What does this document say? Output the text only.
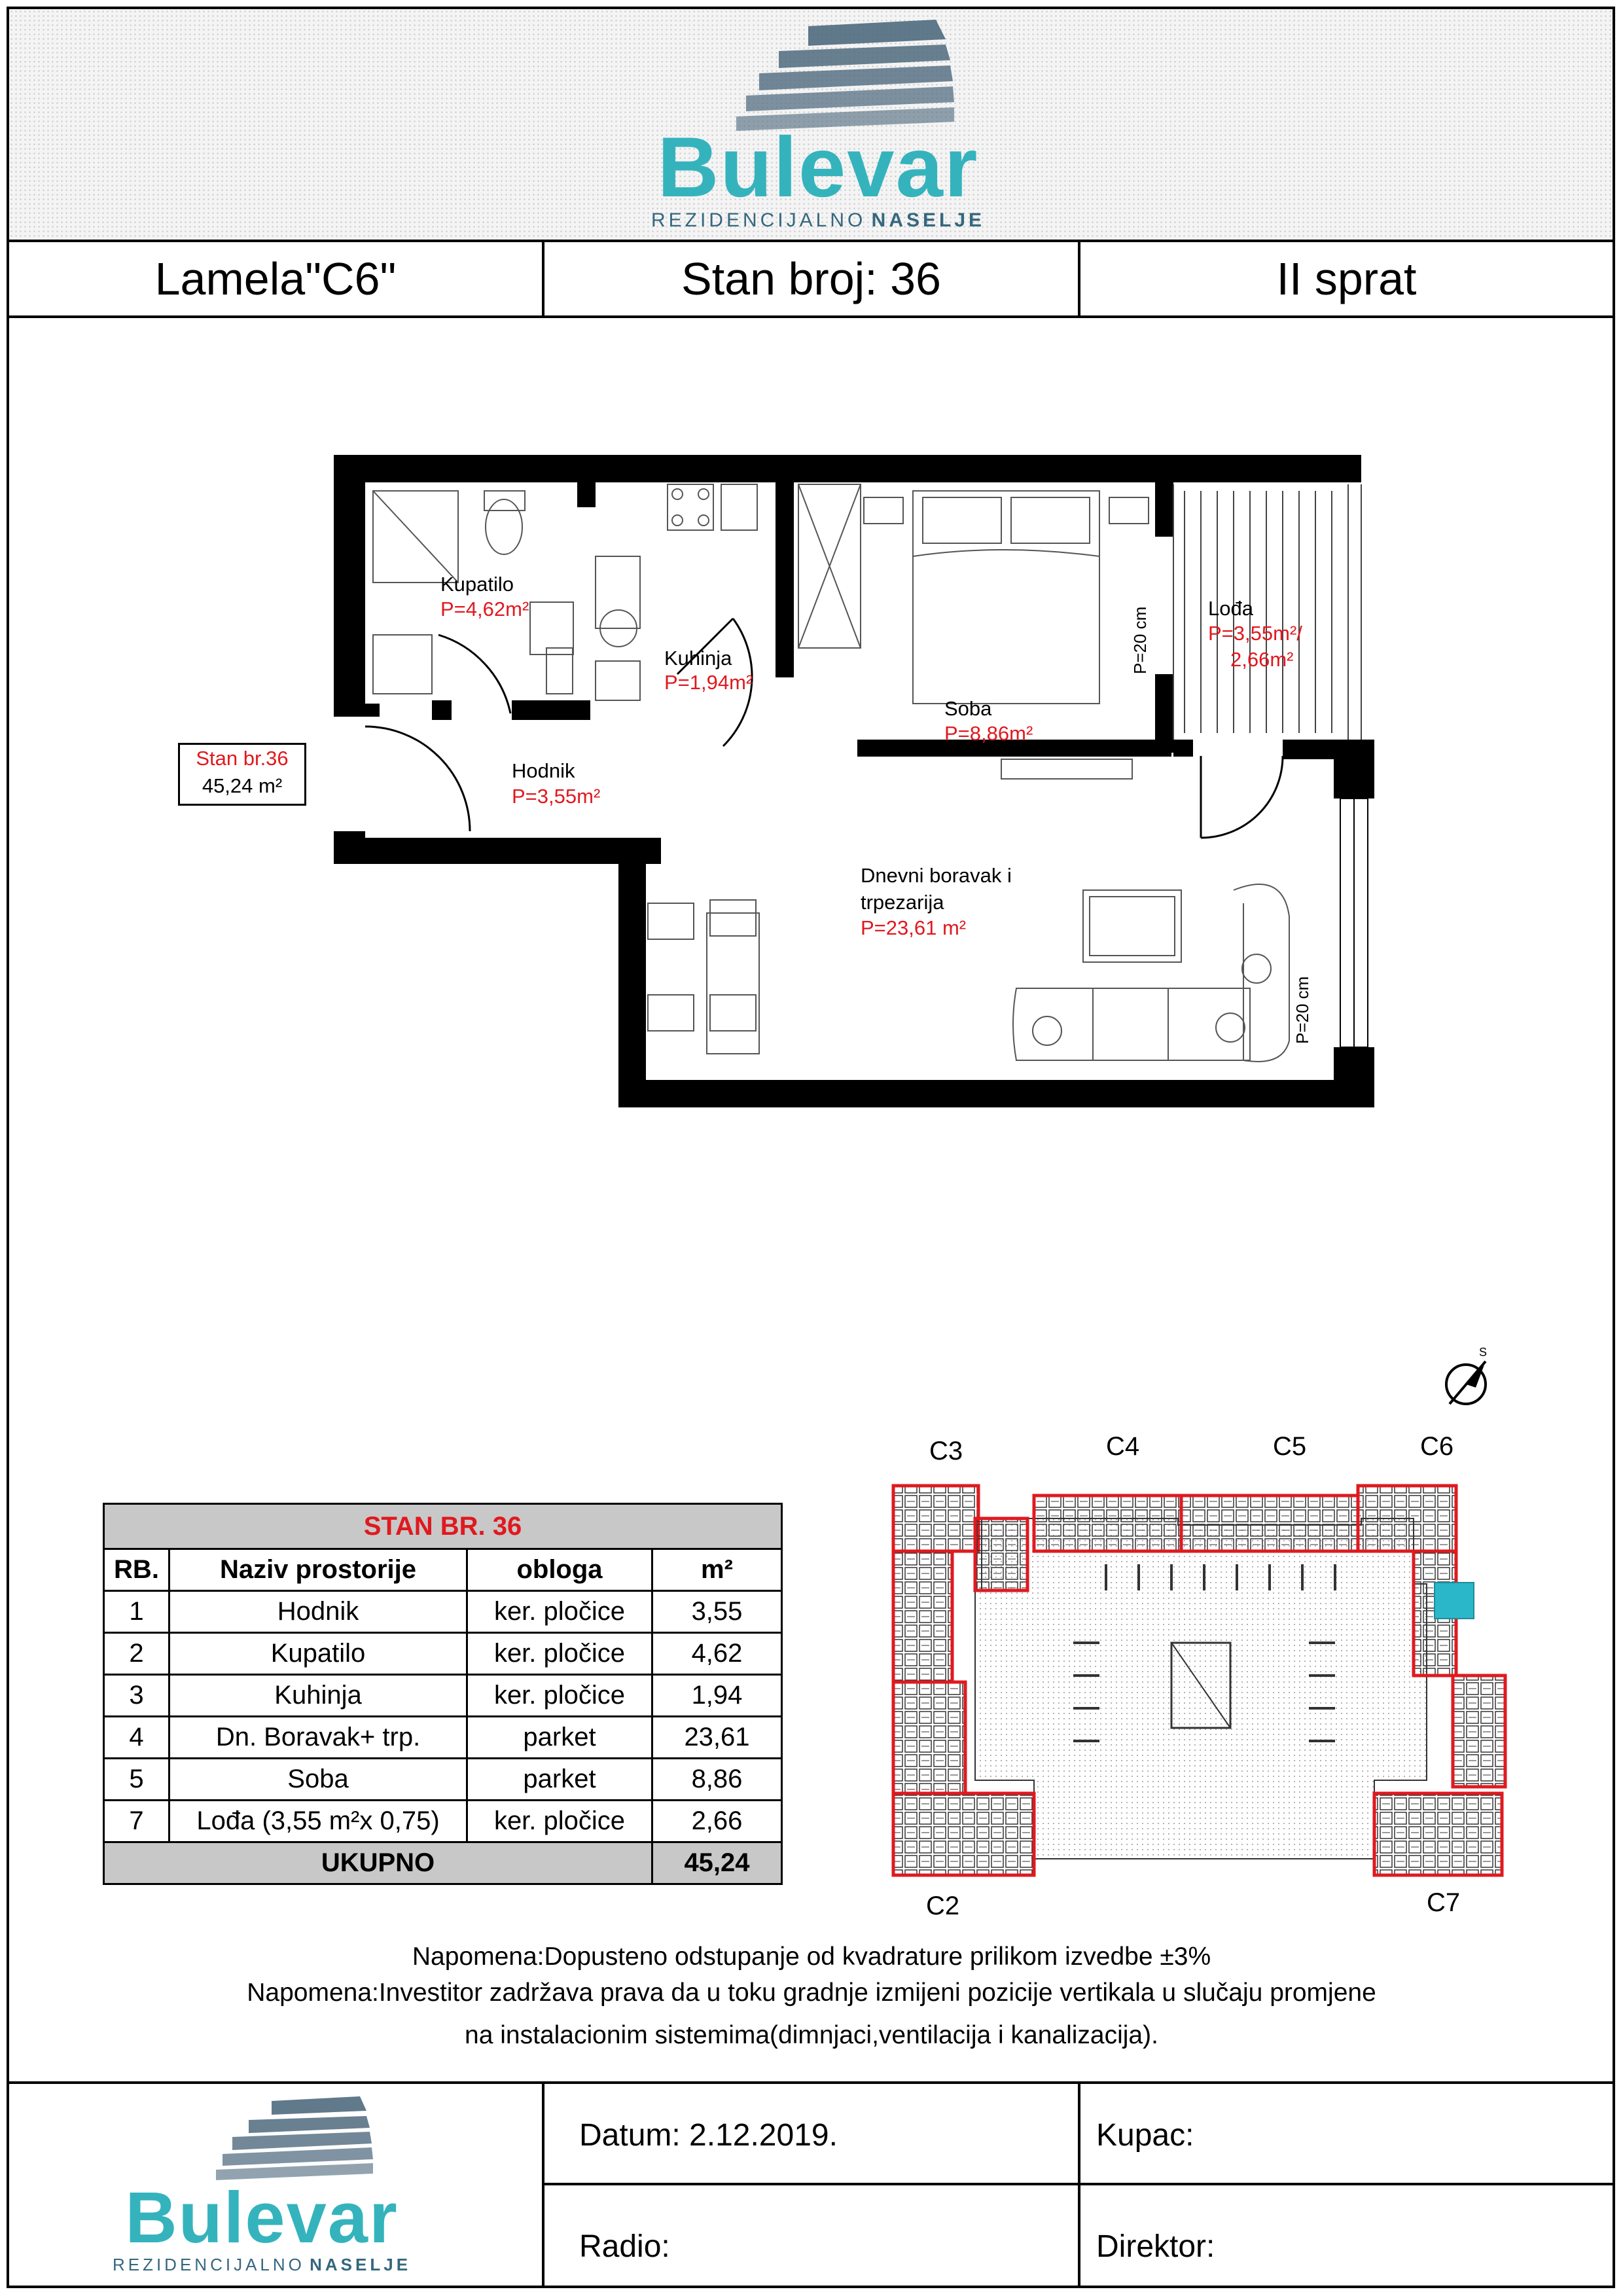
Bulevar
REZIDENCIJALNO NASELJE
Lamela"C6"	Stan broj: 36	II sprat
Stan br.36
45,24 m²
Kupatilo
P=4,62m²
Kuhinja
P=1,94m²
Soba
P=8,86m²
Lođa
P=3,55m²/
2,66m²
Hodnik
P=3,55m²
Dnevni boravak i
trpezarija
P=23,61 m²
P=20 cm
P=20 cm
S
STAN BR. 36			
RB.	Naziv prostorije	obloga	m²
1	Hodnik	ker. pločice	3,55
2	Kupatilo	ker. pločice	4,62
3	Kuhinja	ker. pločice	1,94
4	Dn. Boravak+ trp.	parket	23,61
5	Soba	parket	8,86
7	Lođa (3,55 m²x 0,75)	ker. pločice	2,66
UKUPNO			45,24
C3	C4	C5	C6
C2	C7
Napomena:Dopusteno odstupanje od kvadrature prilikom izvedbe ±3%
Napomena:Investitor zadržava prava da u toku gradnje izmijeni pozicije vertikala u slučaju promjene
na instalacionim sistemima(dimnjaci,ventilacija i kanalizacija).
Bulevar
REZIDENCIJALNO NASELJE
Datum: 2.12.2019.	Kupac:
Radio:	Direktor:
